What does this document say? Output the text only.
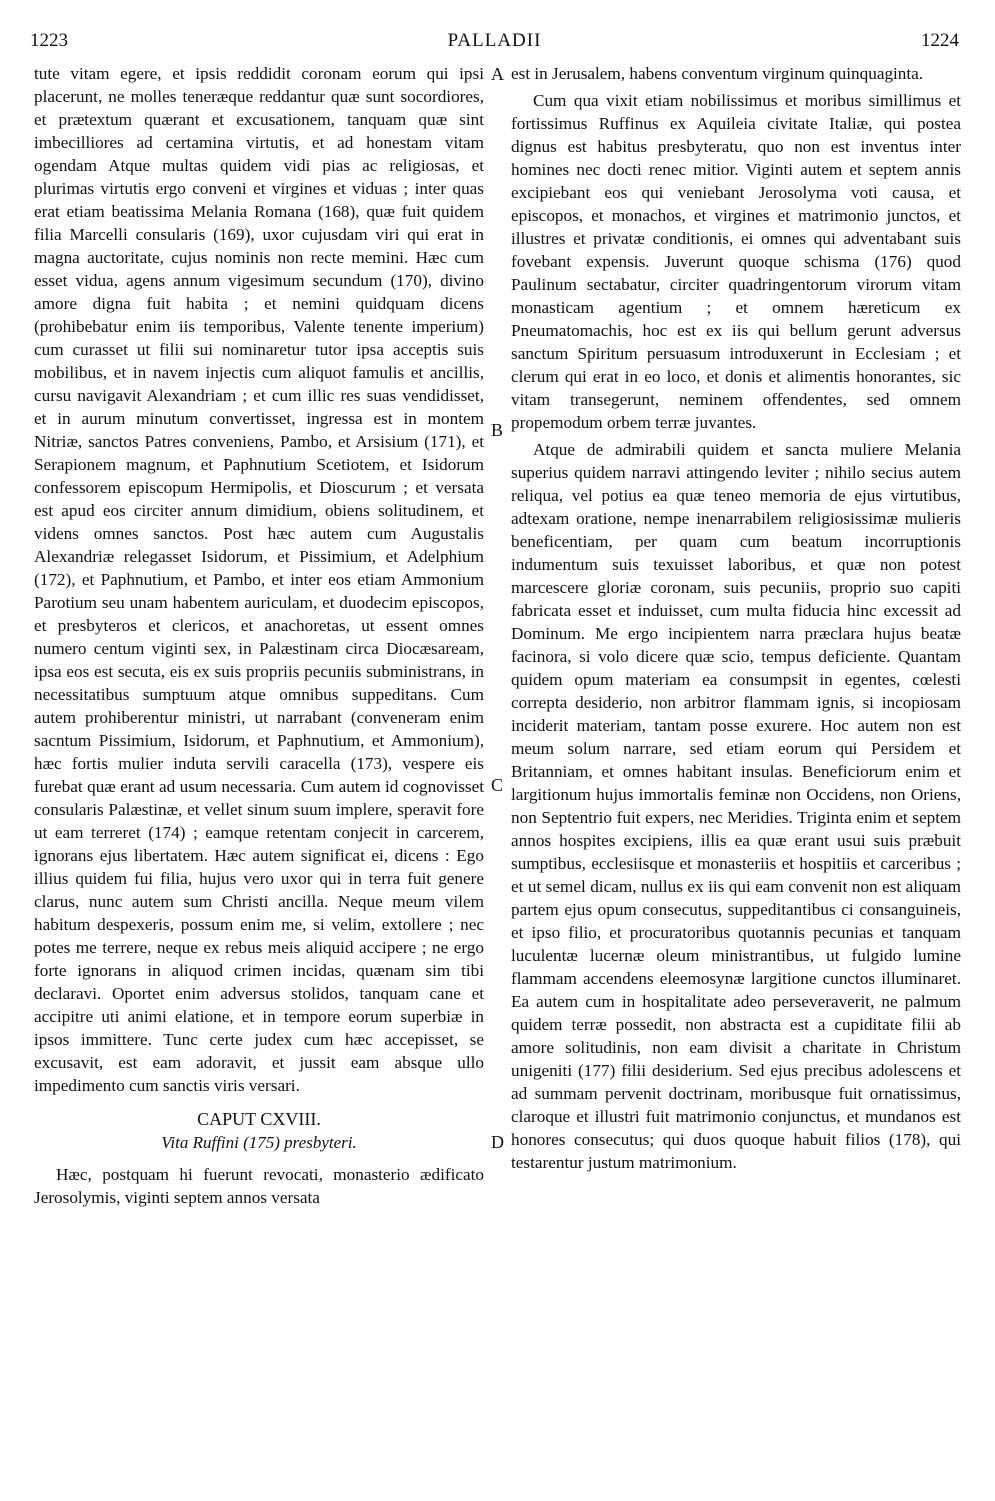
1223	PALLADII	1224

tute vitam egere, et ipsis reddidit coronam eorum qui ipsi placerunt, ne molles teneræque reddantur quæ sunt socordiores, et prætextum quærant et excusationem, tanquam quæ sint imbecilliores ad certamina virtutis, et ad honestam vitam ogendam Atque multas quidem vidi pias ac religiosas, et plurimas virtutis ergo conveni et virgines et viduas ; inter quas erat etiam beatissima Melania Romana (168), quæ fuit quidem filia Marcelli consularis (169), uxor cujusdam viri qui erat in magna auctoritate, cujus nominis non recte memini. Hæc cum esset vidua, agens annum vigesimum secundum (170), divino amore digna fuit habita ; et nemini quidquam dicens (prohibebatur enim iis temporibus, Valente tenente imperium) cum curasset ut filii sui nominaretur tutor ipsa acceptis suis mobilibus, et in navem injectis cum aliquot famulis et ancillis, cursu navigavit Alexandriam ; et cum illic res suas vendidisset, et in aurum minutum convertisset, ingressa est in montem Nitriæ, sanctos Patres conveniens, Pambo, et Arsisium (171), et Serapionem magnum, et Paphnutium Scetiotem, et Isidorum confessorem episcopum Hermipolis, et Dioscurum ; et versata est apud eos circiter annum dimidium, obiens solitudinem, et videns omnes sanctos. Post hæc autem cum Augustalis Alexandriæ relegasset Isidorum, et Pissimium, et Adelphium (172), et Paphnutium, et Pambo, et inter eos etiam Ammonium Parotium seu unam habentem auriculam, et duodecim episcopos, et presbyteros et clericos, et anachoretas, ut essent omnes numero centum viginti sex, in Palæstinam circa Diocæsaream, ipsa eos est secuta, eis ex suis propriis pecuniis subministrans, in necessitatibus sumptuum atque omnibus suppeditans. Cum autem prohiberentur ministri, ut narrabant (conveneram enim sacntum Pissimium, Isidorum, et Paphnutium, et Ammonium), hæc fortis mulier induta servili caracella (173), vespere eis furebat quæ erant ad usum necessaria. Cum autem id cognovisset consularis Palæstinæ, et vellet sinum suum implere, speravit fore ut eam terreret (174) ; eamque retentam conjecit in carcerem, ignorans ejus libertatem. Hæc autem significat ei, dicens : Ego illius quidem fui filia, hujus vero uxor qui in terra fuit genere clarus, nunc autem sum Christi ancilla. Neque meum vilem habitum despexeris, possum enim me, si velim, extollere ; nec potes me terrere, neque ex rebus meis aliquid accipere ; ne ergo forte ignorans in aliquod crimen incidas, quænam sim tibi declaravi. Oportet enim adversus stolidos, tanquam cane et accipitre uti animi elatione, et in tempore eorum superbiæ in ipsos immittere. Tunc certe judex cum hæc accepisset, se excusavit, est eam adoravit, et jussit eam absque ullo impedimento cum sanctis viris versari.

CAPUT CXVIII.
Vita Ruffini (175) presbyteri.

Hæc, postquam hi fuerunt revocati, monasterio ædificato Jerosolymis, viginti septem annos versata

est in Jerusalem, habens conventum virginum quinquaginta.

Cum qua vixit etiam nobilissimus et moribus simillimus et fortissimus Ruffinus ex Aquileia civitate Italiæ, qui postea dignus est habitus presbyteratu, quo non est inventus inter homines nec docti renec mitior. Viginti autem et septem annis excipiebant eos qui veniebant Jerosolyma voti causa, et episcopos, et monachos, et virgines et matrimonio junctos, et illustres et privatæ conditionis, ei omnes qui adventabant suis fovebant expensis. Juverunt quoque schisma (176) quod Paulinum sectabatur, circiter quadringentorum virorum vitam monasticam agentium ; et omnem hæreticum ex Pneumatomachis, hoc est ex iis qui bellum gerunt adversus sanctum Spiritum persuasum introduxerunt in Ecclesiam ; et clerum qui erat in eo loco, et donis et alimentis honorantes, sic vitam transegerunt, neminem offendentes, sed omnem propemodum orbem terræ juvantes.

Atque de admirabili quidem et sancta muliere Melania superius quidem narravi attingendo leviter ; nihilo secius autem reliqua, vel potius ea quæ teneo memoria de ejus virtutibus, adtexam oratione, nempe inenarrabilem religiosissimæ mulieris beneficentiam, per quam cum beatum incorruptionis indumentum suis texuisset laboribus, et quæ non potest marcescere gloriæ coronam, suis pecuniis, proprio suo capiti fabricata esset et induisset, cum multa fiducia hinc excessit ad Dominum. Me ergo incipientem narra præclara hujus beatæ facinora, si volo dicere quæ scio, tempus deficiente. Quantam quidem opum materiam ea consumpsit in egentes, cœlesti correpta desiderio, non arbitror flammam ignis, si incopiosam inciderit materiam, tantam posse exurere. Hoc autem non est meum solum narrare, sed etiam eorum qui Persidem et Britanniam, et omnes habitant insulas. Beneficiorum enim et largitionum hujus immortalis feminæ non Occidens, non Oriens, non Septentrio fuit expers, nec Meridies. Triginta enim et septem annos hospites excipiens, illis ea quæ erant usui suis præbuit sumptibus, ecclesiisque et monasteriis et hospitiis et carceribus ; et ut semel dicam, nullus ex iis qui eam convenit non est aliquam partem ejus opum consecutus, suppeditantibus ci consanguineis, et ipso filio, et procuratoribus quotannis pecunias et tanquam luculentæ lucernæ oleum ministrantibus, ut fulgido lumine flammam accendens eleemosynæ largitione cunctos illuminaret. Ea autem cum in hospitalitate adeo perseveraverit, ne palmum quidem terræ possedit, non abstracta est a cupiditate filii ab amore solitudinis, non eam divisit a charitate in Christum unigeniti (177) filii desiderium. Sed ejus precibus adolescens et ad summam pervenit doctrinam, moribusque fuit ornatissimus, claroque et illustri fuit matrimonio conjunctus, et mundanos est honores consecutus; qui duos quoque habuit filios (178), qui testarentur justum matrimonium.

A
B
C
D
